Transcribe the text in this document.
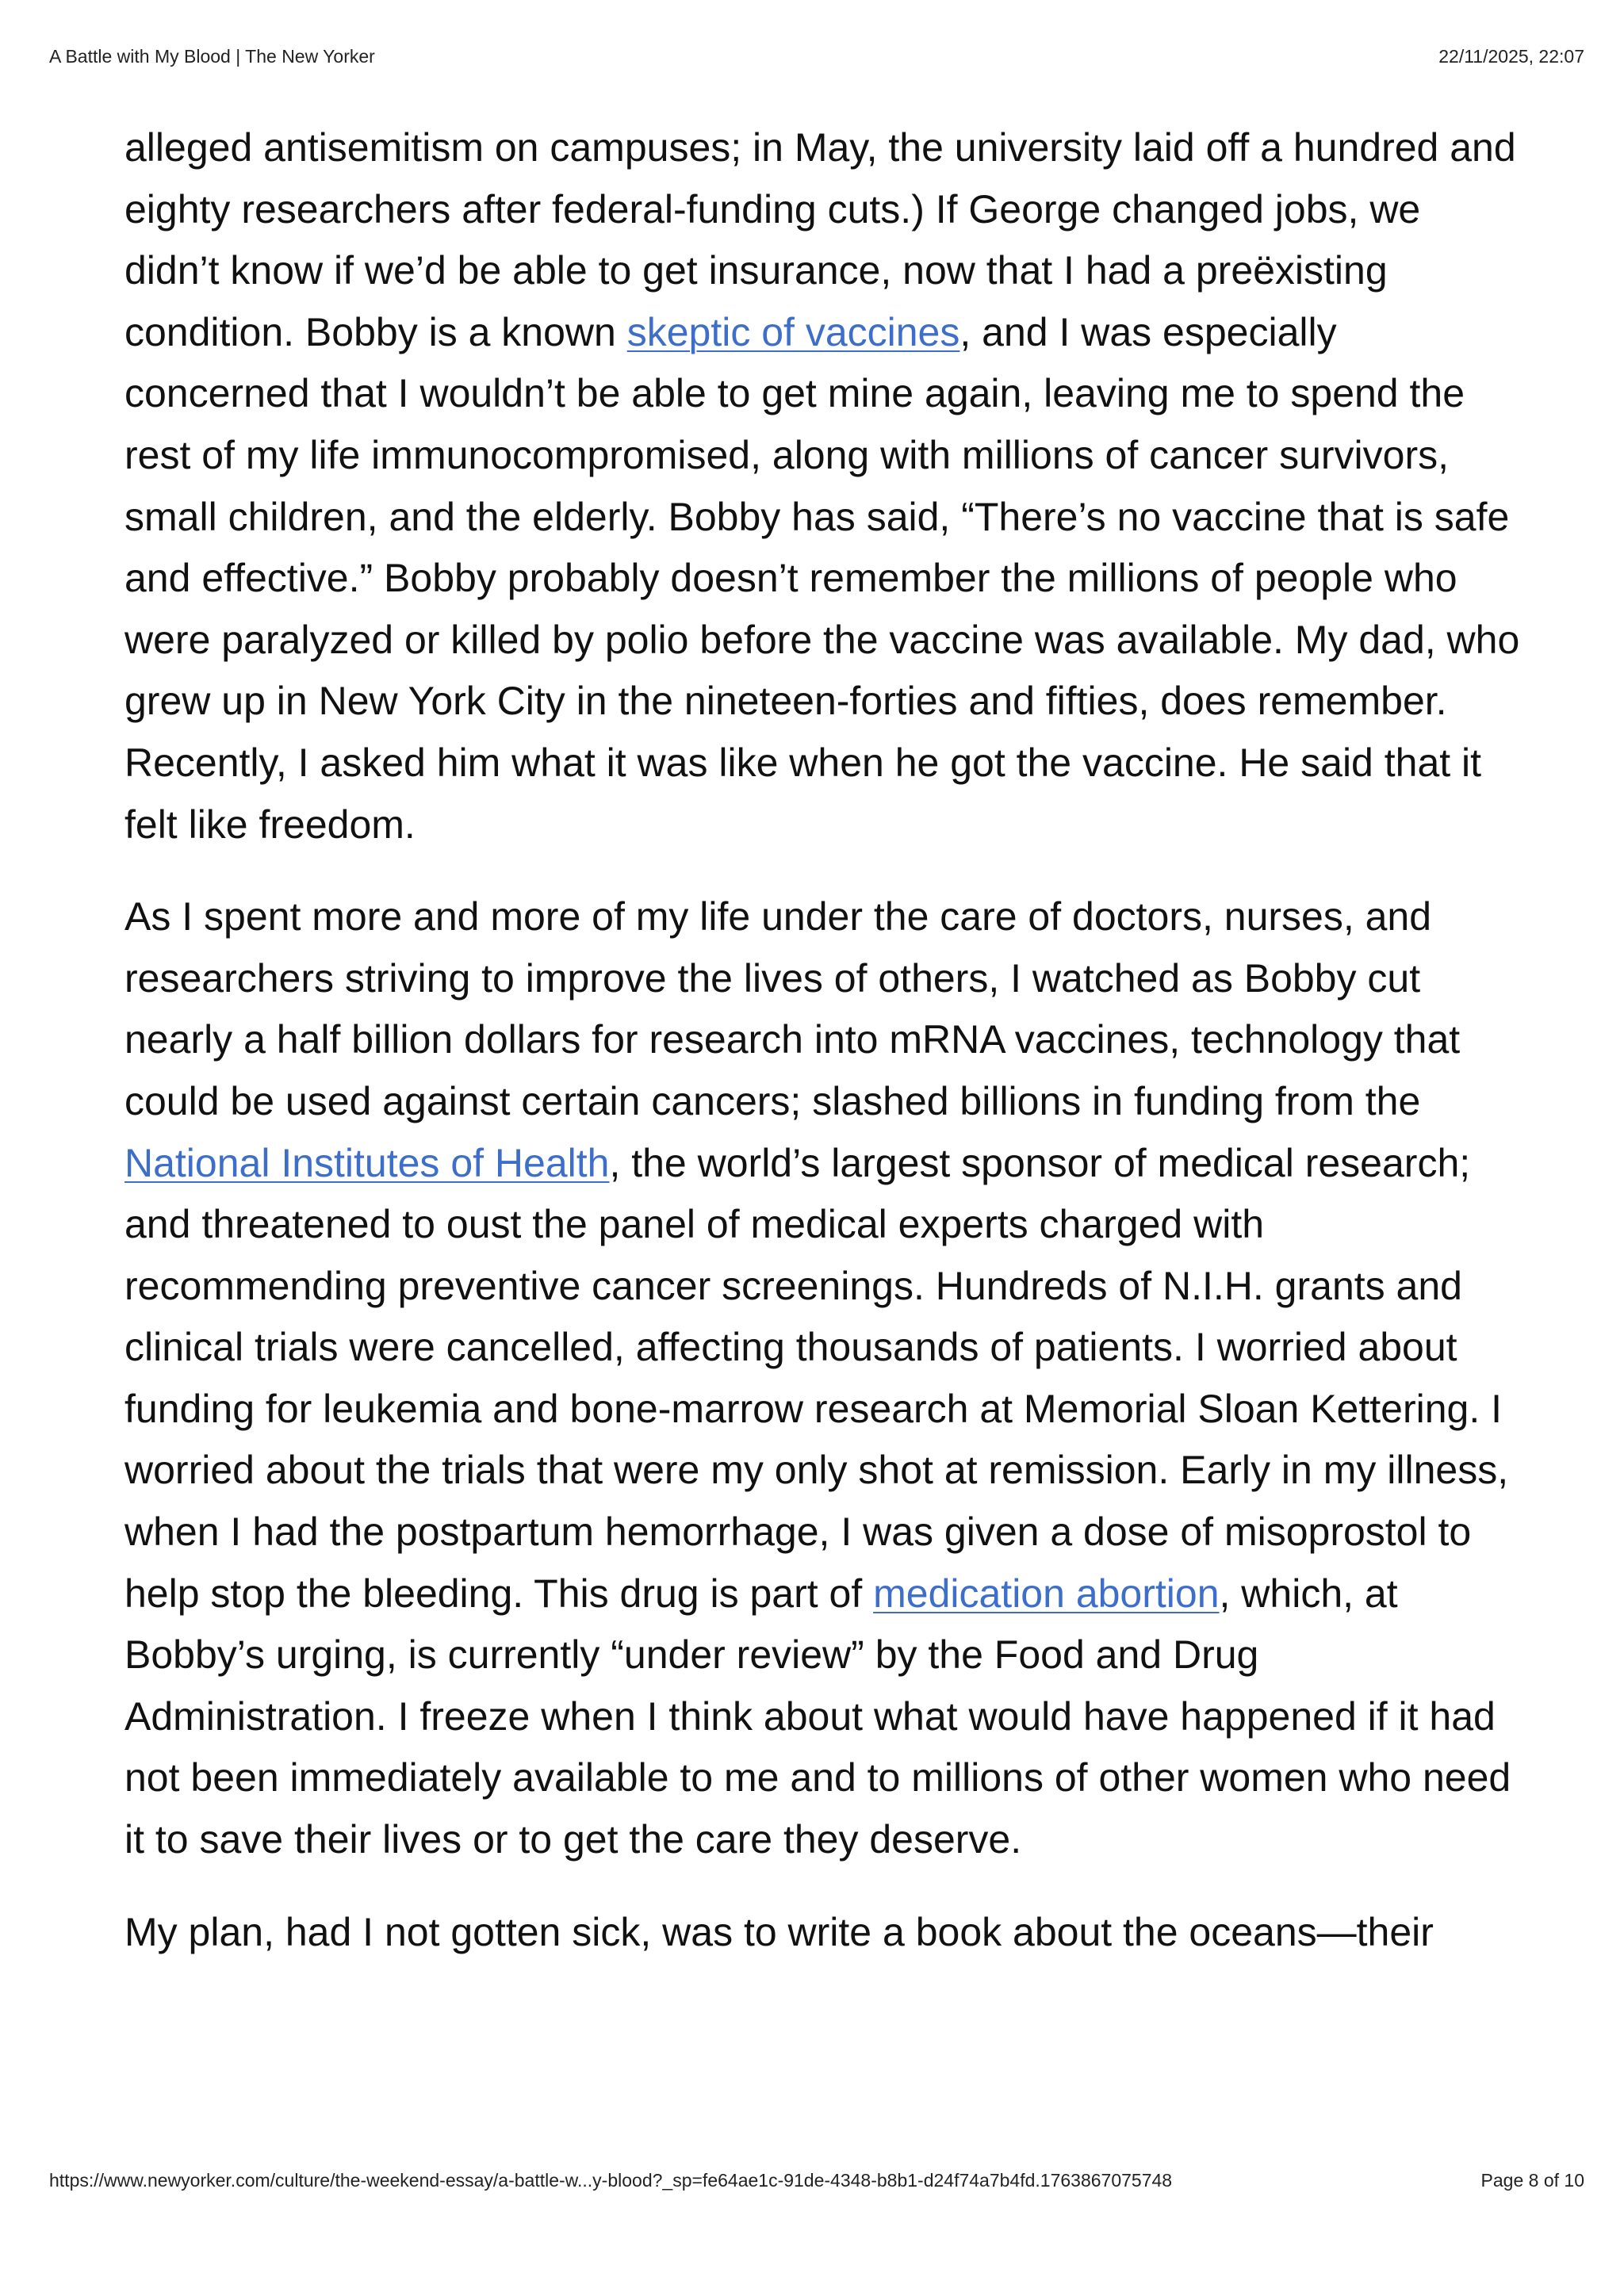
A Battle with My Blood | The New Yorker	22/11/2025, 22:07

alleged antisemitism on campuses; in May, the university laid off a hundred and eighty researchers after federal-funding cuts.) If George changed jobs, we didn’t know if we’d be able to get insurance, now that I had a preëxisting condition. Bobby is a known skeptic of vaccines, and I was especially concerned that I wouldn’t be able to get mine again, leaving me to spend the rest of my life immunocompromised, along with millions of cancer survivors, small children, and the elderly. Bobby has said, “There’s no vaccine that is safe and effective.” Bobby probably doesn’t remember the millions of people who were paralyzed or killed by polio before the vaccine was available. My dad, who grew up in New York City in the nineteen-forties and fifties, does remember. Recently, I asked him what it was like when he got the vaccine. He said that it felt like freedom.

As I spent more and more of my life under the care of doctors, nurses, and researchers striving to improve the lives of others, I watched as Bobby cut nearly a half billion dollars for research into mRNA vaccines, technology that could be used against certain cancers; slashed billions in funding from the National Institutes of Health, the world’s largest sponsor of medical research; and threatened to oust the panel of medical experts charged with recommending preventive cancer screenings. Hundreds of N.I.H. grants and clinical trials were cancelled, affecting thousands of patients. I worried about funding for leukemia and bone-marrow research at Memorial Sloan Kettering. I worried about the trials that were my only shot at remission. Early in my illness, when I had the postpartum hemorrhage, I was given a dose of misoprostol to help stop the bleeding. This drug is part of medication abortion, which, at Bobby’s urging, is currently “under review” by the Food and Drug Administration. I freeze when I think about what would have happened if it had not been immediately available to me and to millions of other women who need it to save their lives or to get the care they deserve.

My plan, had I not gotten sick, was to write a book about the oceans—their

https://www.newyorker.com/culture/the-weekend-essay/a-battle-w...y-blood?_sp=fe64ae1c-91de-4348-b8b1-d24f74a7b4fd.1763867075748	Page 8 of 10
